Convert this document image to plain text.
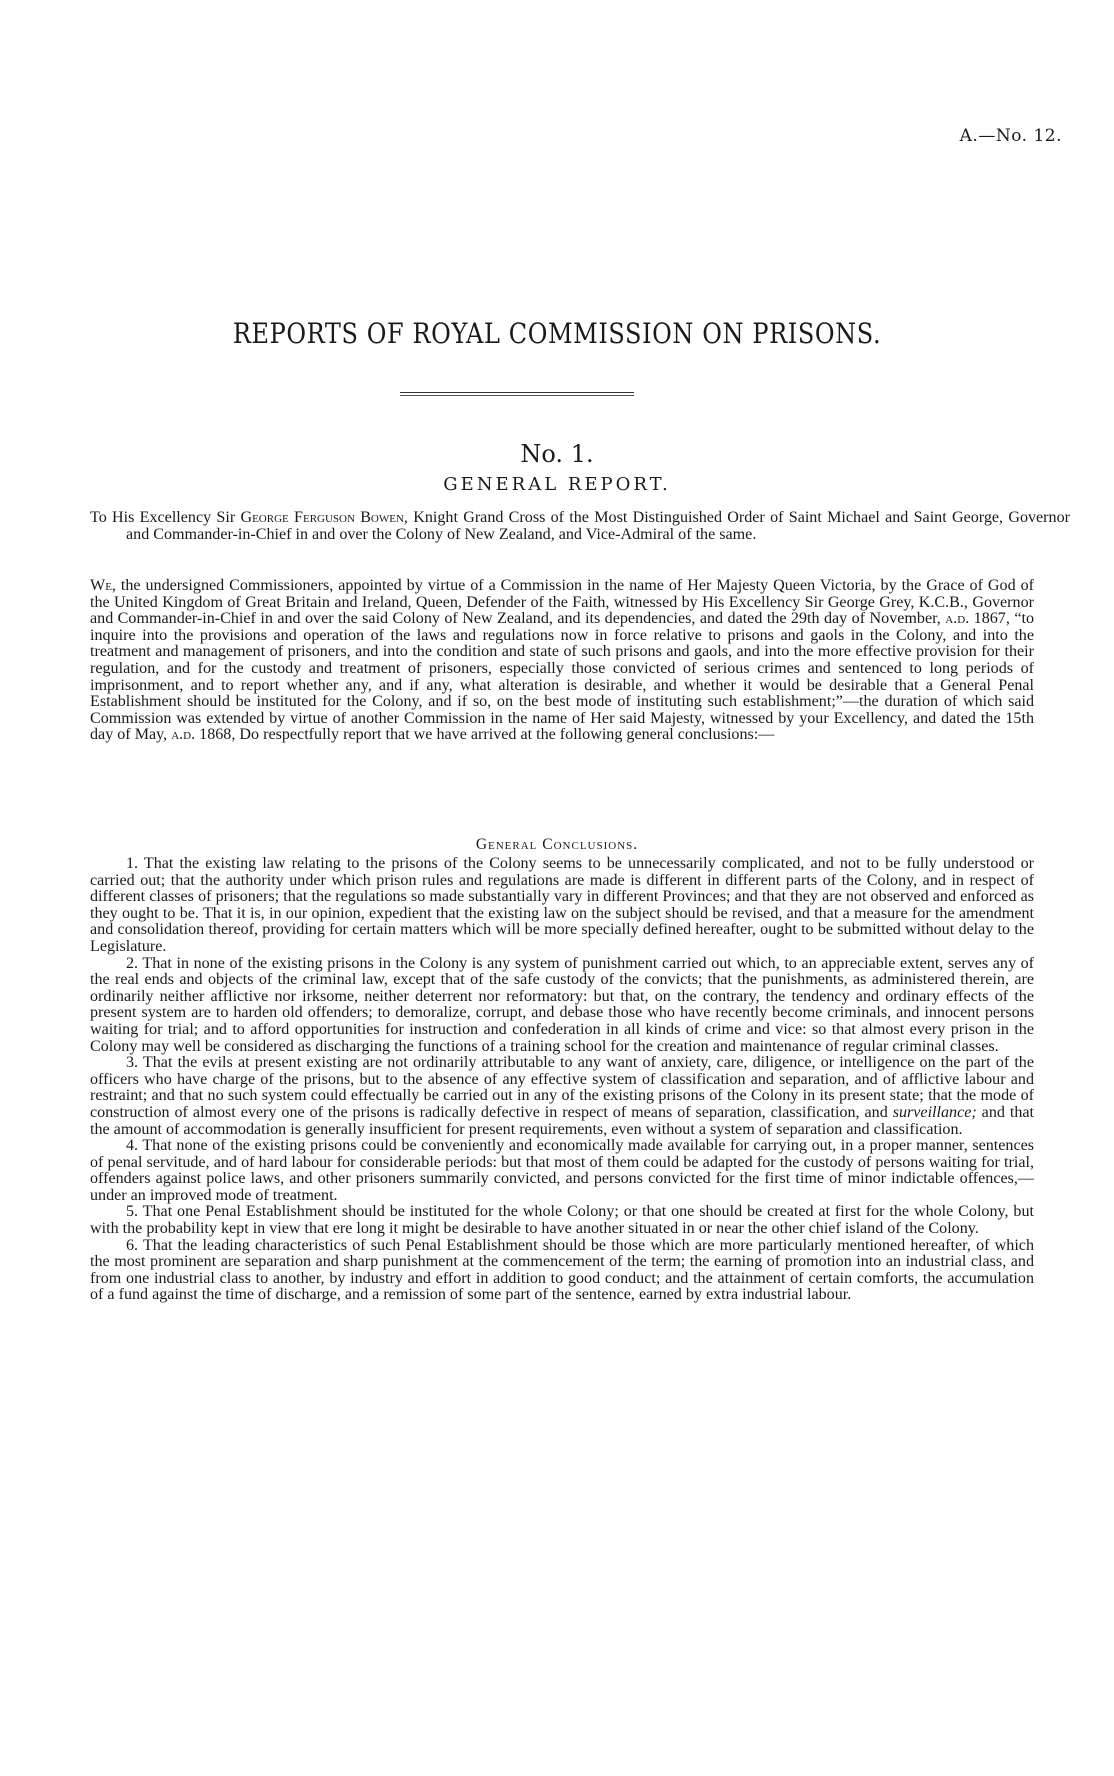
A.—No. 12.
REPORTS OF ROYAL COMMISSION ON PRISONS.
No. 1.
GENERAL REPORT.
To His Excellency Sir George Ferguson Bowen, Knight Grand Cross of the Most Distinguished Order of Saint Michael and Saint George, Governor and Commander-in-Chief in and over the Colony of New Zealand, and Vice-Admiral of the same.
We, the undersigned Commissioners, appointed by virtue of a Commission in the name of Her Majesty Queen Victoria, by the Grace of God of the United Kingdom of Great Britain and Ireland, Queen, Defender of the Faith, witnessed by His Excellency Sir George Grey, K.C.B., Governor and Commander-in-Chief in and over the said Colony of New Zealand, and its dependencies, and dated the 29th day of November, a.d. 1867, “to inquire into the provisions and operation of the laws and regulations now in force relative to prisons and gaols in the Colony, and into the treatment and management of prisoners, and into the condition and state of such prisons and gaols, and into the more effective provision for their regulation, and for the custody and treatment of prisoners, especially those convicted of serious crimes and sentenced to long periods of imprisonment, and to report whether any, and if any, what alteration is desirable, and whether it would be desirable that a General Penal Establishment should be instituted for the Colony, and if so, on the best mode of instituting such establishment;”—the duration of which said Commission was extended by virtue of another Commission in the name of Her said Majesty, witnessed by your Excellency, and dated the 15th day of May, a.d. 1868, Do respectfully report that we have arrived at the following general conclusions:—
General Conclusions.

1. That the existing law relating to the prisons of the Colony seems to be unnecessarily complicated, and not to be fully understood or carried out; that the authority under which prison rules and regulations are made is different in different parts of the Colony, and in respect of different classes of prisoners; that the regulations so made substantially vary in different Provinces; and that they are not observed and enforced as they ought to be. That it is, in our opinion, expedient that the existing law on the subject should be revised, and that a measure for the amendment and consolidation thereof, providing for certain matters which will be more specially defined hereafter, ought to be submitted without delay to the Legislature.

2. That in none of the existing prisons in the Colony is any system of punishment carried out which, to an appreciable extent, serves any of the real ends and objects of the criminal law, except that of the safe custody of the convicts; that the punishments, as administered therein, are ordinarily neither afflictive nor irksome, neither deterrent nor reformatory: but that, on the contrary, the tendency and ordinary effects of the present system are to harden old offenders; to demoralize, corrupt, and debase those who have recently become criminals, and innocent persons waiting for trial; and to afford opportunities for instruction and confederation in all kinds of crime and vice: so that almost every prison in the Colony may well be considered as discharging the functions of a training school for the creation and maintenance of regular criminal classes.

3. That the evils at present existing are not ordinarily attributable to any want of anxiety, care, diligence, or intelligence on the part of the officers who have charge of the prisons, but to the absence of any effective system of classification and separation, and of afflictive labour and restraint; and that no such system could effectually be carried out in any of the existing prisons of the Colony in its present state; that the mode of construction of almost every one of the prisons is radically defective in respect of means of separation, classification, and surveillance; and that the amount of accommodation is generally insufficient for present requirements, even without a system of separation and classification.

4. That none of the existing prisons could be conveniently and economically made available for carrying out, in a proper manner, sentences of penal servitude, and of hard labour for considerable periods: but that most of them could be adapted for the custody of persons waiting for trial, offenders against police laws, and other prisoners summarily convicted, and persons convicted for the first time of minor indictable offences,—under an improved mode of treatment.

5. That one Penal Establishment should be instituted for the whole Colony; or that one should be created at first for the whole Colony, but with the probability kept in view that ere long it might be desirable to have another situated in or near the other chief island of the Colony.

6. That the leading characteristics of such Penal Establishment should be those which are more particularly mentioned hereafter, of which the most prominent are separation and sharp punishment at the commencement of the term; the earning of promotion into an industrial class, and from one industrial class to another, by industry and effort in addition to good conduct; and the attainment of certain comforts, the accumulation of a fund against the time of discharge, and a remission of some part of the sentence, earned by extra industrial labour.
